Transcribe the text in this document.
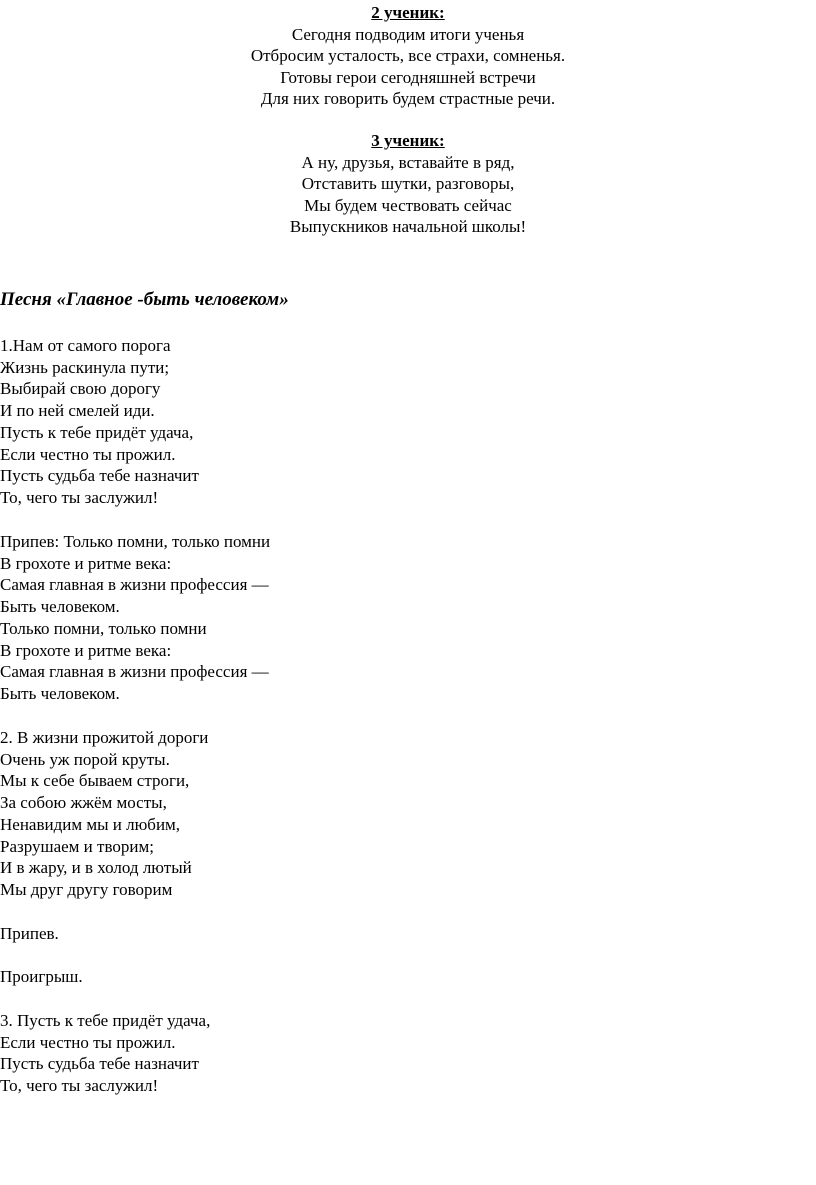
2 ученик:
Сегодня подводим итоги ученья
Отбросим усталость, все страхи, сомненья.
Готовы герои сегодняшней встречи
Для них говорить будем страстные речи.
3 ученик:
А ну, друзья, вставайте в ряд,
Отставить шутки, разговоры,
Мы будем чествовать сейчас
Выпускников начальной школы!
Песня «Главное -быть человеком»
1.Нам от самого порога
Жизнь раскинула пути;
Выбирай свою дорогу
И по ней смелей иди.
Пусть к тебе придёт удача,
Если честно ты прожил.
Пусть судьба тебе назначит
То, чего ты заслужил!
Припев: Только помни, только помни
В грохоте и ритме века:
Самая главная в жизни профессия —
Быть человеком.
Только помни, только помни
В грохоте и ритме века:
Самая главная в жизни профессия —
Быть человеком.
2. В жизни прожитой дороги
Очень уж порой круты.
Мы к себе бываем строги,
За собою жжём мосты,
Ненавидим мы и любим,
Разрушаем и творим;
И в жару, и в холод лютый
Мы друг другу говорим
Припев.
Проигрыш.
3. Пусть к тебе придёт удача,
Если честно ты прожил.
Пусть судьба тебе назначит
То, чего ты заслужил!
